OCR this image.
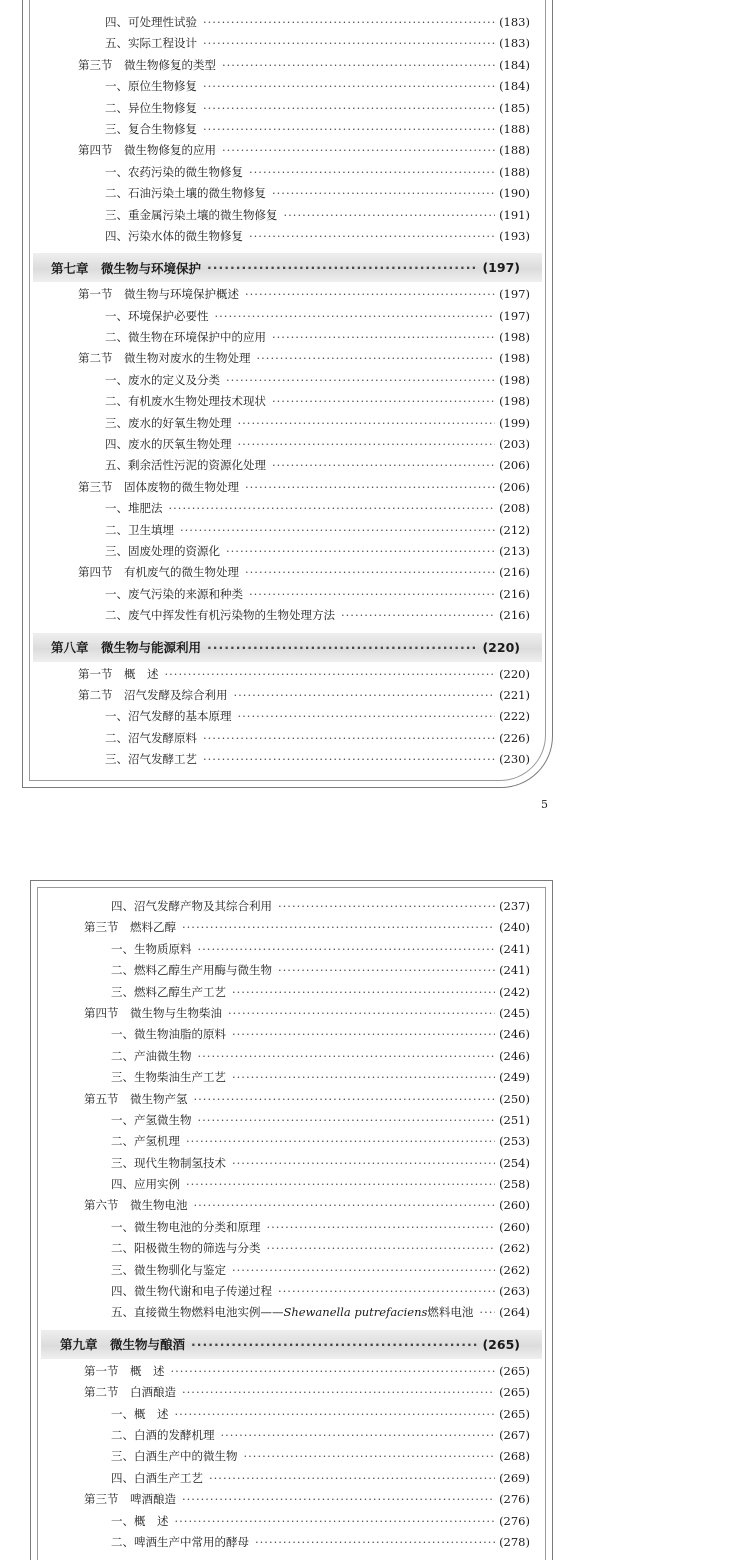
四、可处理性试验 ·····	(183)
五、实际工程设计 ·····	(183)
第三节　微生物修复的类型 ·····	(184)
一、原位生物修复 ·····	(184)
二、异位生物修复 ·····	(185)
三、复合生物修复 ·····	(188)
第四节　微生物修复的应用 ·····	(188)
一、农药污染的微生物修复 ·····	(188)
二、石油污染土壤的微生物修复 ·····	(190)
三、重金属污染土壤的微生物修复 ·····	(191)
四、污染水体的微生物修复 ·····	(193)
第七章　微生物与环境保护 ·····	(197)
第一节　微生物与环境保护概述 ·····	(197)
一、环境保护必要性 ·····	(197)
二、微生物在环境保护中的应用 ·····	(198)
第二节　微生物对废水的生物处理 ·····	(198)
一、废水的定义及分类 ·····	(198)
二、有机废水生物处理技术现状 ·····	(198)
三、废水的好氧生物处理 ·····	(199)
四、废水的厌氧生物处理 ·····	(203)
五、剩余活性污泥的资源化处理 ·····	(206)
第三节　固体废物的微生物处理 ·····	(206)
一、堆肥法 ·····	(208)
二、卫生填埋 ·····	(212)
三、固废处理的资源化 ·····	(213)
第四节　有机废气的微生物处理 ·····	(216)
一、废气污染的来源和种类 ·····	(216)
二、废气中挥发性有机污染物的生物处理方法 ·····	(216)
第八章　微生物与能源利用 ·····	(220)
第一节　概　述 ·····	(220)
第二节　沼气发酵及综合利用 ·····	(221)
一、沼气发酵的基本原理 ·····	(222)
二、沼气发酵原料 ·····	(226)
三、沼气发酵工艺 ·····	(230)
5
四、沼气发酵产物及其综合利用 ·····	(237)
第三节　燃料乙醇 ·····	(240)
一、生物质原料 ·····	(241)
二、燃料乙醇生产用酶与微生物 ·····	(241)
三、燃料乙醇生产工艺 ·····	(242)
第四节　微生物与生物柴油 ·····	(245)
一、微生物油脂的原料 ·····	(246)
二、产油微生物 ·····	(246)
三、生物柴油生产工艺 ·····	(249)
第五节　微生物产氢 ·····	(250)
一、产氢微生物 ·····	(251)
二、产氢机理 ·····	(253)
三、现代生物制氢技术 ·····	(254)
四、应用实例 ·····	(258)
第六节　微生物电池 ·····	(260)
一、微生物电池的分类和原理 ·····	(260)
二、阳极微生物的筛选与分类 ·····	(262)
三、微生物驯化与鉴定 ·····	(262)
四、微生物代谢和电子传递过程 ·····	(263)
五、直接微生物燃料电池实例——Shewanella putrefaciens燃料电池 ····· (264)
第九章　微生物与酿酒 ·····	(265)
第一节　概　述 ·····	(265)
第二节　白酒酿造 ·····	(265)
一、概　述 ·····	(265)
二、白酒的发酵机理 ·····	(267)
三、白酒生产中的微生物 ·····	(268)
四、白酒生产工艺 ·····	(269)
第三节　啤酒酿造 ·····	(276)
一、概　述 ·····	(276)
二、啤酒生产中常用的酵母 ·····	(278)
